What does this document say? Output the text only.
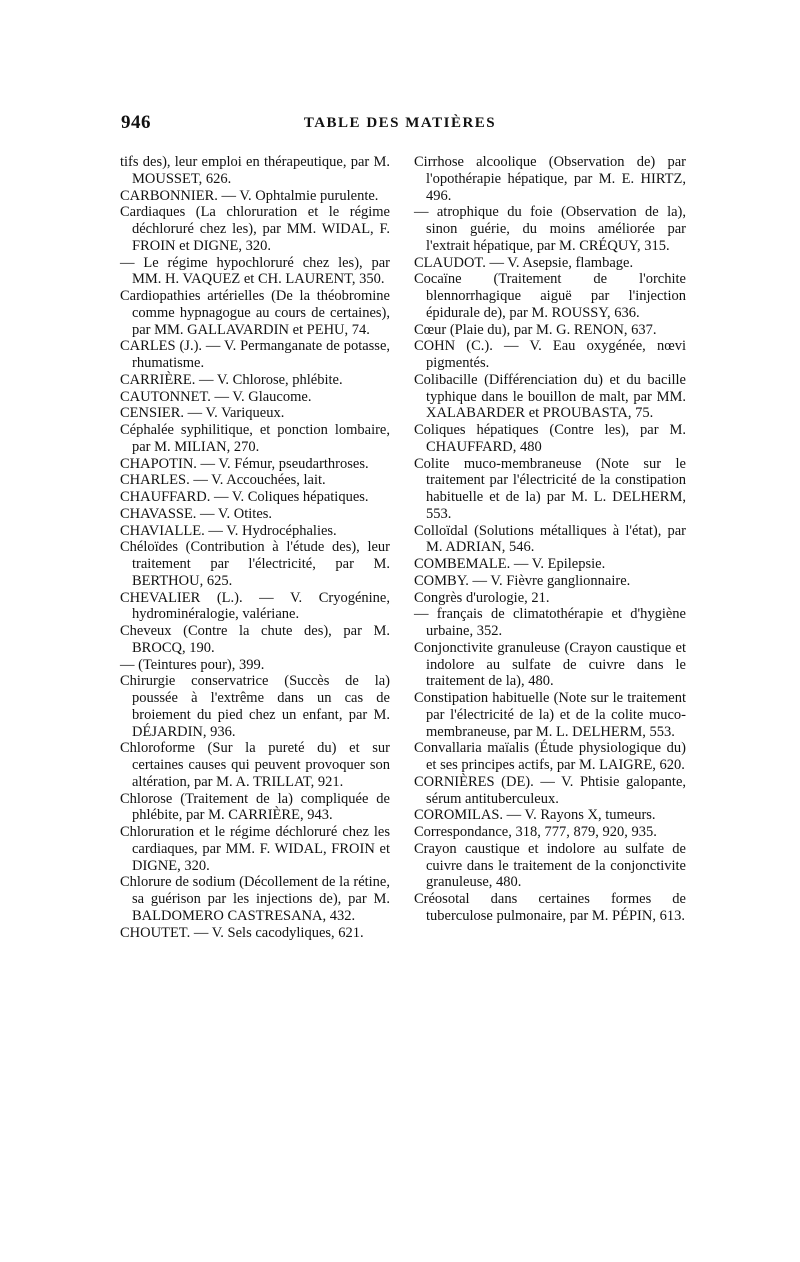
946	TABLE DES MATIÈRES
tifs des), leur emploi en thérapeutique, par M. MOUSSET, 626.
CARBONNIER. — V. Ophtalmie purulente.
Cardiaques (La chloruration et le régime déchloruré chez les), par MM. WIDAL, F. FROIN et DIGNE, 320.
— Le régime hypochloruré chez les), par MM. H. VAQUEZ et CH. LAURENT, 350.
Cardiopathies artérielles (De la théobromine comme hypnagogue au cours de certaines), par MM. GALLAVARDIN et PEHU, 74.
CARLES (J.). — V. Permanganate de potasse, rhumatisme.
CARRIÈRE. — V. Chlorose, phlébite.
CAUTONNET. — V. Glaucome.
CENSIER. — V. Variqueux.
Céphalée syphilitique, et ponction lombaire, par M. MILIAN, 270.
CHAPOTIN. — V. Fémur, pseudarthroses.
CHARLES. — V. Accouchées, lait.
CHAUFFARD. — V. Coliques hépatiques.
CHAVASSE. — V. Otites.
CHAVIALLE. — V. Hydrocéphalies.
Chéloïdes (Contribution à l'étude des), leur traitement par l'électricité, par M. BERTHOU, 625.
CHEVALIER (L.). — V. Cryogénine, hydrominéralogie, valériane.
Cheveux (Contre la chute des), par M. BROCQ, 190.
— (Teintures pour), 399.
Chirurgie conservatrice (Succès de la) poussée à l'extrême dans un cas de broiement du pied chez un enfant, par M. DÉJARDIN, 936.
Chloroforme (Sur la pureté du) et sur certaines causes qui peuvent provoquer son altération, par M. A. TRILLAT, 921.
Chlorose (Traitement de la) compliquée de phlébite, par M. CARRIÈRE, 943.
Chloruration et le régime déchloruré chez les cardiaques, par MM. F. WIDAL, FROIN et DIGNE, 320.
Chlorure de sodium (Décollement de la rétine, sa guérison par les injections de), par M. BALDOMERO CASTRESANA, 432.
CHOUTET. — V. Sels cacodyliques, 621.
Cirrhose alcoolique (Observation de) par l'opothérapie hépatique, par M. E. HIRTZ, 496.
— atrophique du foie (Observation de la), sinon guérie, du moins améliorée par l'extrait hépatique, par M. CRÉQUY, 315.
CLAUDOT. — V. Asepsie, flambage.
Cocaïne (Traitement de l'orchite blennorrhagique aiguë par l'injection épidurale de), par M. ROUSSY, 636.
Cœur (Plaie du), par M. G. RENON, 637.
COHN (C.). — V. Eau oxygénée, nœvi pigmentés.
Colibacille (Différenciation du) et du bacille typhique dans le bouillon de malt, par MM. XALABARDER et PROUBASTA, 75.
Coliques hépatiques (Contre les), par M. CHAUFFARD, 480
Colite muco-membraneuse (Note sur le traitement par l'électricité de la constipation habituelle et de la) par M. L. DELHERM, 553.
Colloïdal (Solutions métalliques à l'état), par M. ADRIAN, 546.
COMBEMALE. — V. Epilepsie.
COMBY. — V. Fièvre ganglionnaire.
Congrès d'urologie, 21.
— français de climatothérapie et d'hygiène urbaine, 352.
Conjonctivite granuleuse (Crayon caustique et indolore au sulfate de cuivre dans le traitement de la), 480.
Constipation habituelle (Note sur le traitement par l'électricité de la) et de la colite muco-membraneuse, par M. L. DELHERM, 553.
Convallaria maïalis (Étude physiologique du) et ses principes actifs, par M. LAIGRE, 620.
CORNIÈRES (DE). — V. Phtisie galopante, sérum antituberculeux.
COROMILAS. — V. Rayons X, tumeurs.
Correspondance, 318, 777, 879, 920, 935.
Crayon caustique et indolore au sulfate de cuivre dans le traitement de la conjonctivite granuleuse, 480.
Créosotal dans certaines formes de tuberculose pulmonaire, par M. PÉPIN, 613.
